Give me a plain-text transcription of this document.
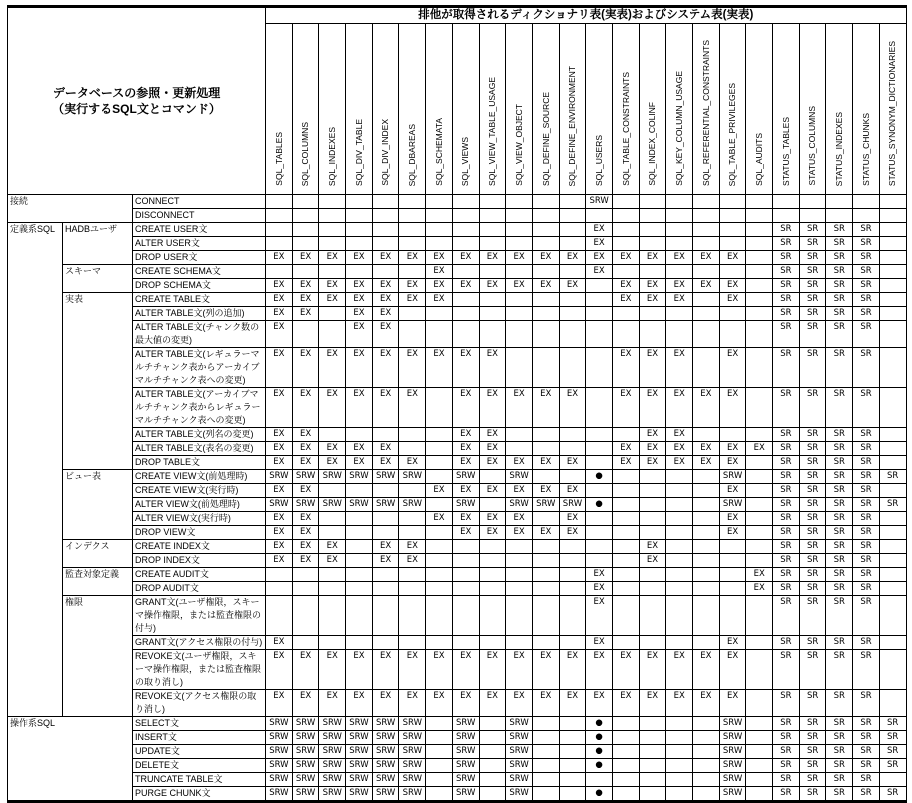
データベースの参照・更新処理
（実行するSQL文とコマンド）			排他が取得されるディクショナリ表(実表)およびシステム表(実表)																							
			SQL_TABLES	SQL_COLUMNS	SQL_INDEXES	SQL_DIV_TABLE	SQL_DIV_INDEX	SQL_DBAREAS	SQL_SCHEMATA	SQL_VIEWS	SQL_VIEW_TABLE_USAGE	SQL_VIEW_OBJECT	SQL_DEFINE_SOURCE	SQL_DEFINE_ENVIRONMENT	SQL_USERS	SQL_TABLE_CONSTRAINTS	SQL_INDEX_COLINF	SQL_KEY_COLUMN_USAGE	SQL_REFERENTIAL_CONSTRAINTS	SQL_TABLE_PRIVILEGES	SQL_AUDITS	STATUS_TABLES	STATUS_COLUMNS	STATUS_INDEXES	STATUS_CHUNKS	STATUS_SYNONYM_DICTIONARIES
接続		CONNECT													SRW											
		DISCONNECT																								
定義系SQL	HADBユーザ	CREATE USER文													EX							SR	SR	SR	SR	
		ALTER USER文													EX							SR	SR	SR	SR	
		DROP USER文	EX	EX	EX	EX	EX	EX	EX	EX	EX	EX	EX	EX	EX	EX	EX	EX	EX	EX		SR	SR	SR	SR	
	スキーマ	CREATE SCHEMA文							EX						EX							SR	SR	SR	SR	
		DROP SCHEMA文	EX	EX	EX	EX	EX	EX	EX	EX	EX	EX	EX	EX		EX	EX	EX	EX	EX		SR	SR	SR	SR	
	実表	CREATE TABLE文	EX	EX	EX	EX	EX	EX	EX							EX	EX	EX		EX		SR	SR	SR	SR	
		ALTER TABLE文(列の追加)	EX	EX		EX	EX															SR	SR	SR	SR	
		ALTER TABLE文(チャンク数の最大値の変更)	EX			EX	EX															SR	SR	SR	SR	
		ALTER TABLE文(レギュラーマルチチャンク表からアーカイブマルチチャンク表への変更)	EX	EX	EX	EX	EX	EX	EX	EX	EX					EX	EX	EX		EX		SR	SR	SR	SR	
		ALTER TABLE文(アーカイブマルチチャンク表からレギュラーマルチチャンク表への変更)	EX	EX	EX	EX	EX	EX		EX	EX	EX	EX	EX		EX	EX	EX	EX	EX		SR	SR	SR	SR	
		ALTER TABLE文(列名の変更)	EX	EX						EX	EX						EX	EX				SR	SR	SR	SR	
		ALTER TABLE文(表名の変更)	EX	EX	EX	EX	EX			EX	EX					EX	EX	EX	EX	EX	EX	SR	SR	SR	SR	
		DROP TABLE文	EX	EX	EX	EX	EX	EX		EX	EX	EX	EX	EX		EX	EX	EX	EX	EX		SR	SR	SR	SR	
	ビュー表	CREATE VIEW文(前処理時)	SRW	SRW	SRW	SRW	SRW	SRW		SRW		SRW			●					SRW		SR	SR	SR	SR	SR
		CREATE VIEW文(実行時)	EX	EX					EX	EX	EX	EX	EX	EX						EX		SR	SR	SR	SR	
		ALTER VIEW文(前処理時)	SRW	SRW	SRW	SRW	SRW	SRW		SRW		SRW	SRW	SRW	●					SRW		SR	SR	SR	SR	SR
		ALTER VIEW文(実行時)	EX	EX					EX	EX	EX	EX		EX						EX		SR	SR	SR	SR	
		DROP VIEW文	EX	EX						EX	EX	EX	EX	EX						EX		SR	SR	SR	SR	
	インデクス	CREATE INDEX文	EX	EX	EX		EX	EX									EX					SR	SR	SR	SR	
		DROP INDEX文	EX	EX	EX		EX	EX									EX					SR	SR	SR	SR	
	監査対象定義	CREATE AUDIT文													EX						EX	SR	SR	SR	SR	
		DROP AUDIT文													EX						EX	SR	SR	SR	SR	
	権限	GRANT文(ユーザ権限，スキーマ操作権限，または監査権限の付与)													EX							SR	SR	SR	SR	
		GRANT文(アクセス権限の付与)	EX												EX					EX		SR	SR	SR	SR	
		REVOKE文(ユーザ権限，スキーマ操作権限，または監査権限の取り消し)	EX	EX	EX	EX	EX	EX	EX	EX	EX	EX	EX	EX	EX	EX	EX	EX	EX	EX		SR	SR	SR	SR	
		REVOKE文(アクセス権限の取り消し)	EX	EX	EX	EX	EX	EX	EX	EX	EX	EX	EX	EX	EX	EX	EX	EX	EX	EX		SR	SR	SR	SR	
操作系SQL		SELECT文	SRW	SRW	SRW	SRW	SRW	SRW		SRW		SRW			●					SRW		SR	SR	SR	SR	SR
		INSERT文	SRW	SRW	SRW	SRW	SRW	SRW		SRW		SRW			●					SRW		SR	SR	SR	SR	SR
		UPDATE文	SRW	SRW	SRW	SRW	SRW	SRW		SRW		SRW			●					SRW		SR	SR	SR	SR	SR
		DELETE文	SRW	SRW	SRW	SRW	SRW	SRW		SRW		SRW			●					SRW		SR	SR	SR	SR	SR
		TRUNCATE TABLE文	SRW	SRW	SRW	SRW	SRW	SRW		SRW		SRW								SRW		SR	SR	SR	SR	
		PURGE CHUNK文	SRW	SRW	SRW	SRW	SRW	SRW		SRW		SRW			●					SRW		SR	SR	SR	SR	SR
